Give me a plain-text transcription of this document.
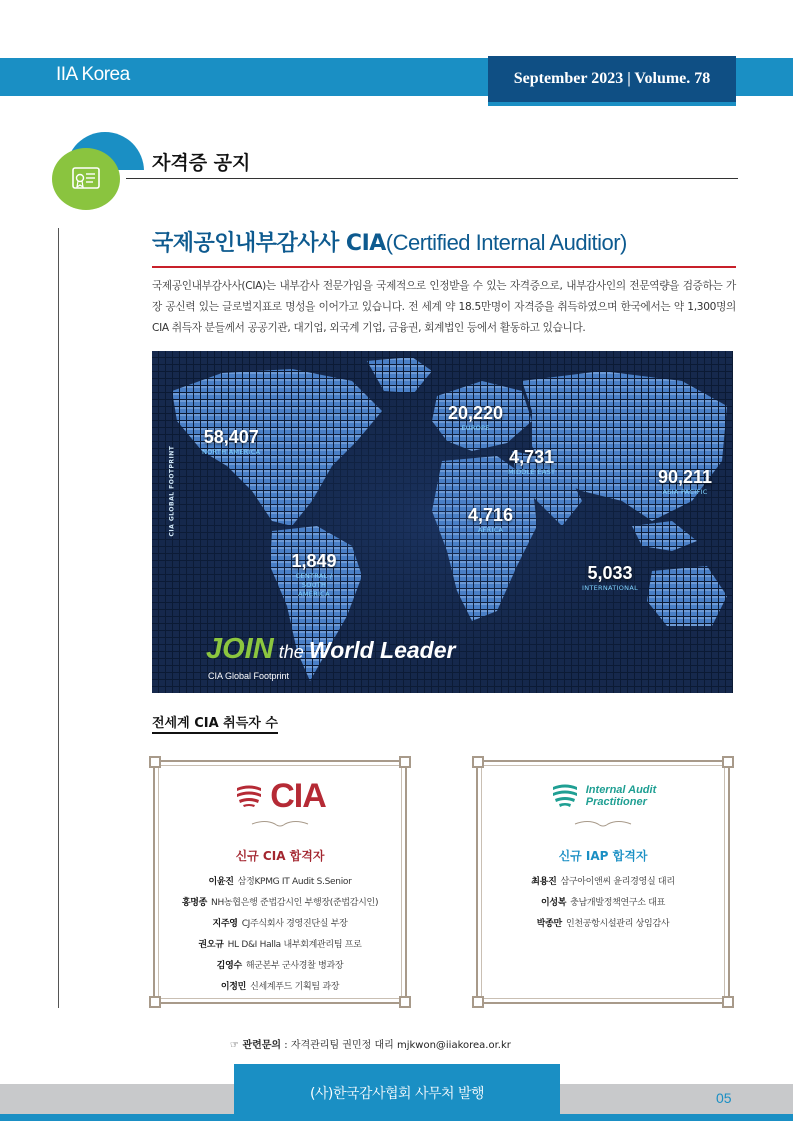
IIA Korea	September 2023 | Volume. 78
자격증 공지
국제공인내부감사사 CIA(Certified Internal Auditior)
국제공인내부감사사(CIA)는 내부감사 전문가임을 국제적으로 인정받을 수 있는 자격증으로, 내부감사인의 전문역량을 검증하는 가장 공신력 있는 글로벌지표로 명성을 이어가고 있습니다. 전 세계 약 18.5만명이 자격증을 취득하였으며 한국에서는 약 1,300명의 CIA 취득자 분들께서 공공기관, 대기업, 외국계 기업, 금융권, 회계법인 등에서 활동하고 있습니다.
CIA GLOBAL FOOTPRINT
58,407
NORTH AMERICA
20,220
EUROPE
4,731
MIDDLE EAST	90,211
ASIA PACIFIC
4,716
AFRICA
1,849
CENTRAL / SOUTH AMERICA
5,033
INTERNATIONAL
JOIN the World Leader
CIA Global Footprint
전세계 CIA 취득자 수
CIA
신규 CIA 합격자
이윤진 삼정KPMG IT Audit S.Senior
홍명종 NH농협은행 준법감시인 부행장(준법감시인)
지주영 CJ주식회사 경영진단실 부장
권오규 HL D&I Halla 내부회계관리팀 프로
김영수 해군본부 군사경찰 병과장
이정민 신세계푸드 기획팀 과장
Internal Audit
Practitioner
신규 IAP 합격자
최용진 삼구아이앤씨 윤리경영실 대리
이성복 충남개발정책연구소 대표
박종만 인천공항시설관리 상임감사
☞ 관련문의 : 자격관리팀 권민정 대리 mjkwon@iiakorea.or.kr
(사)한국감사협회 사무처 발행	05
